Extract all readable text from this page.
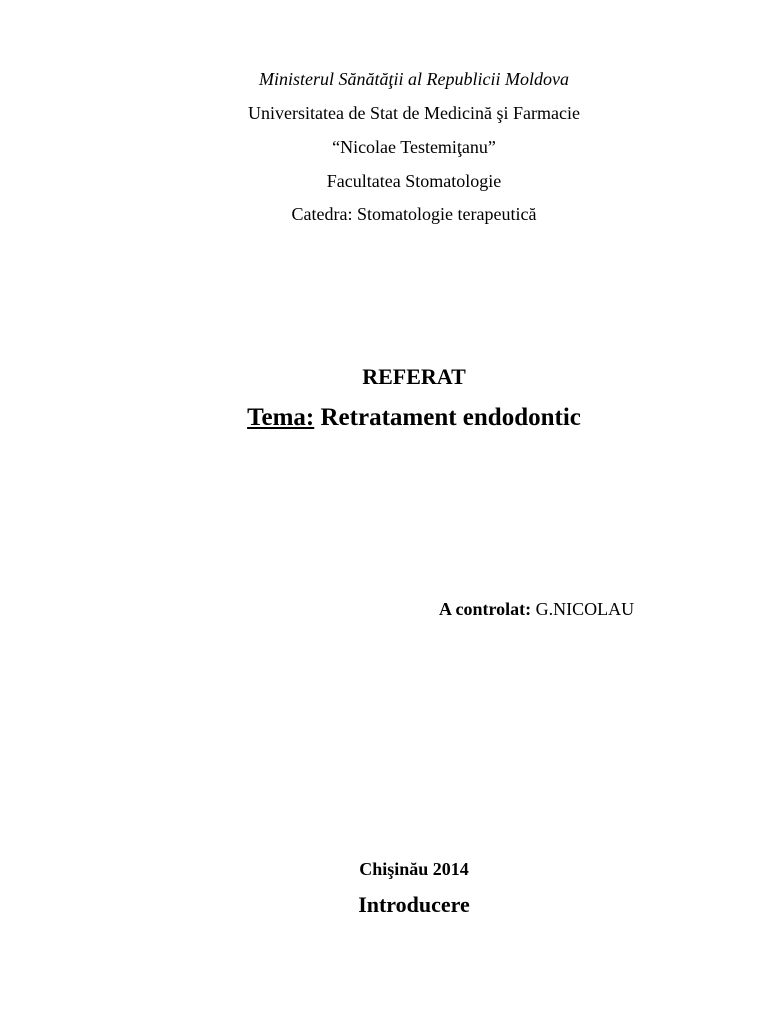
Ministerul Sănătăţii al Republicii Moldova
Universitatea de Stat de Medicină şi Farmacie
“Nicolae Testemiţanu”
Facultatea Stomatologie
Catedra: Stomatologie terapeutică
REFERAT
Tema: Retratament endodontic
A controlat: G.NICOLAU
Chişinău 2014
Introducere
